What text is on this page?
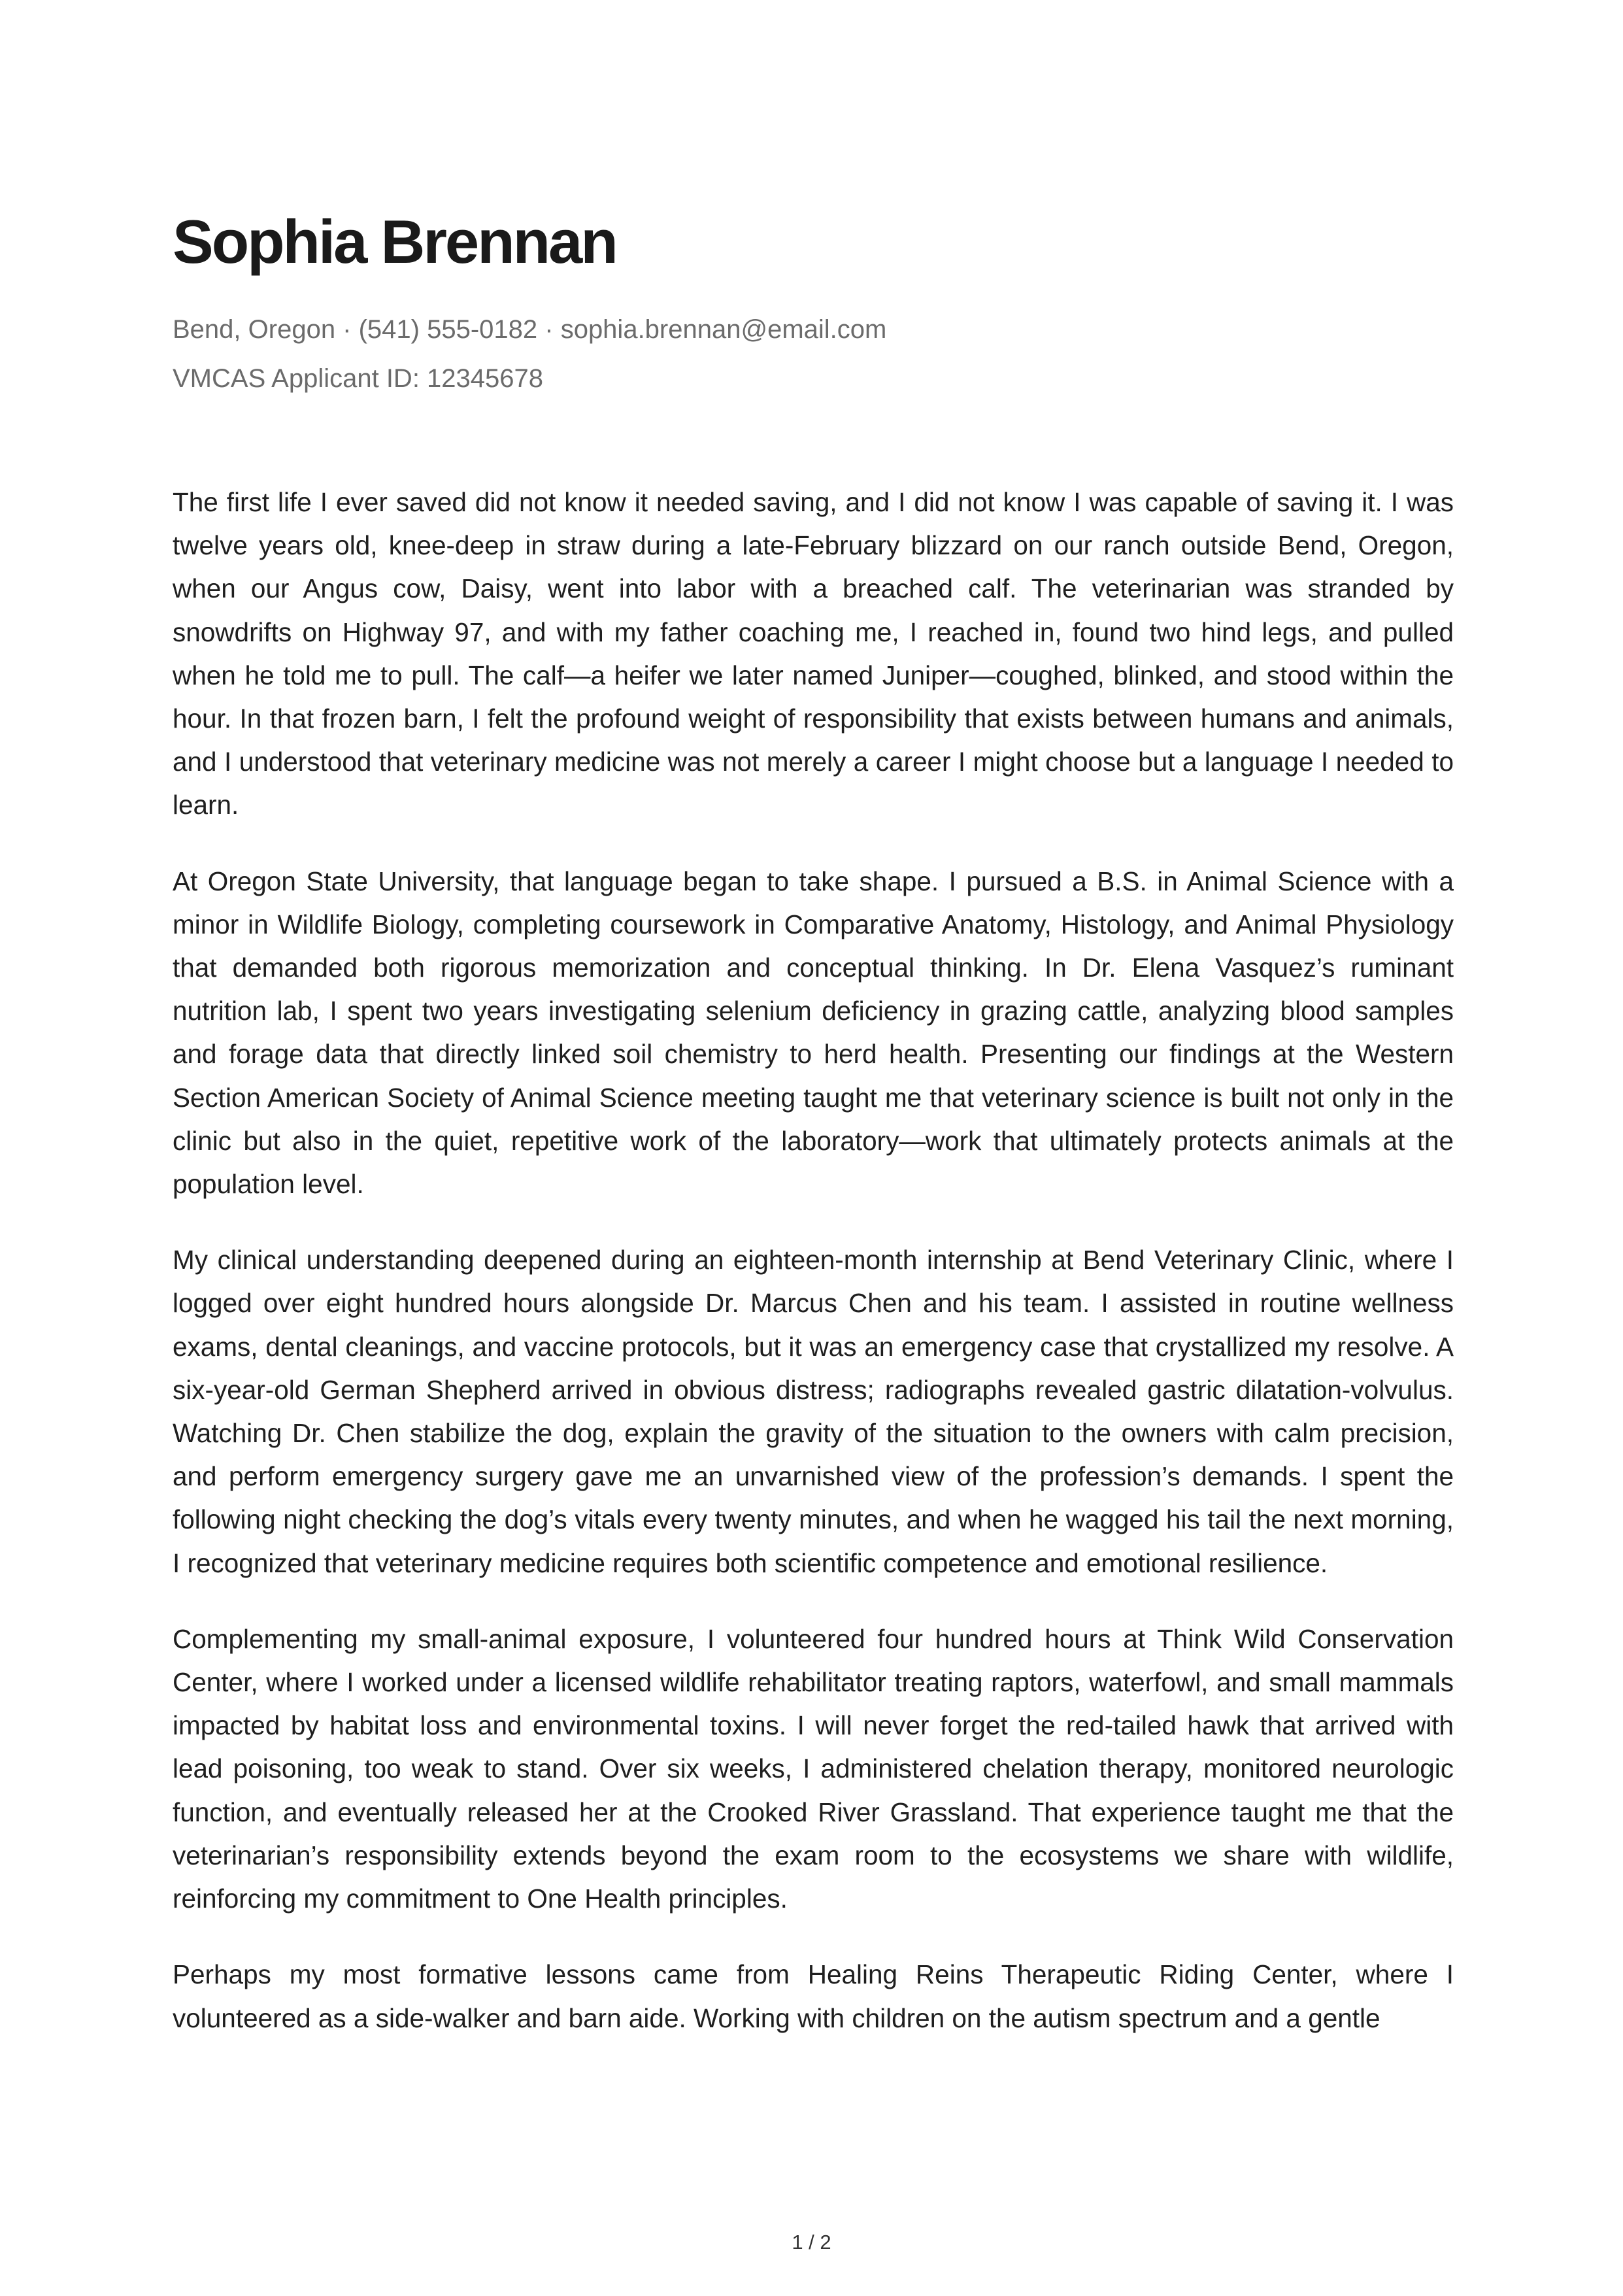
Sophia Brennan
Bend, Oregon · (541) 555-0182 · sophia.brennan@email.com
VMCAS Applicant ID: 12345678

The first life I ever saved did not know it needed saving, and I did not know I was capable of saving it. I was twelve years old, knee-deep in straw during a late-February blizzard on our ranch outside Bend, Oregon, when our Angus cow, Daisy, went into labor with a breached calf. The veterinarian was stranded by snowdrifts on Highway 97, and with my father coaching me, I reached in, found two hind legs, and pulled when he told me to pull. The calf—a heifer we later named Juniper—coughed, blinked, and stood within the hour. In that frozen barn, I felt the profound weight of responsibility that exists between humans and animals, and I understood that veterinary medicine was not merely a career I might choose but a language I needed to learn.

At Oregon State University, that language began to take shape. I pursued a B.S. in Animal Science with a minor in Wildlife Biology, completing coursework in Comparative Anatomy, Histology, and Animal Physiology that demanded both rigorous memorization and conceptual thinking. In Dr. Elena Vasquez’s ruminant nutrition lab, I spent two years investigating selenium deficiency in grazing cattle, analyzing blood samples and forage data that directly linked soil chemistry to herd health. Presenting our findings at the Western Section American Society of Animal Science meeting taught me that veterinary science is built not only in the clinic but also in the quiet, repetitive work of the laboratory—work that ultimately protects animals at the population level.

My clinical understanding deepened during an eighteen-month internship at Bend Veterinary Clinic, where I logged over eight hundred hours alongside Dr. Marcus Chen and his team. I assisted in routine wellness exams, dental cleanings, and vaccine protocols, but it was an emergency case that crystallized my resolve. A six-year-old German Shepherd arrived in obvious distress; radiographs revealed gastric dilatation-volvulus. Watching Dr. Chen stabilize the dog, explain the gravity of the situation to the owners with calm precision, and perform emergency surgery gave me an unvarnished view of the profession’s demands. I spent the following night checking the dog’s vitals every twenty minutes, and when he wagged his tail the next morning, I recognized that veterinary medicine requires both scientific competence and emotional resilience.

Complementing my small-animal exposure, I volunteered four hundred hours at Think Wild Conservation Center, where I worked under a licensed wildlife rehabilitator treating raptors, waterfowl, and small mammals impacted by habitat loss and environmental toxins. I will never forget the red-tailed hawk that arrived with lead poisoning, too weak to stand. Over six weeks, I administered chelation therapy, monitored neurologic function, and eventually released her at the Crooked River Grassland. That experience taught me that the veterinarian’s responsibility extends beyond the exam room to the ecosystems we share with wildlife, reinforcing my commitment to One Health principles.

Perhaps my most formative lessons came from Healing Reins Therapeutic Riding Center, where I volunteered as a side-walker and barn aide. Working with children on the autism spectrum and a gentle

1 / 2
